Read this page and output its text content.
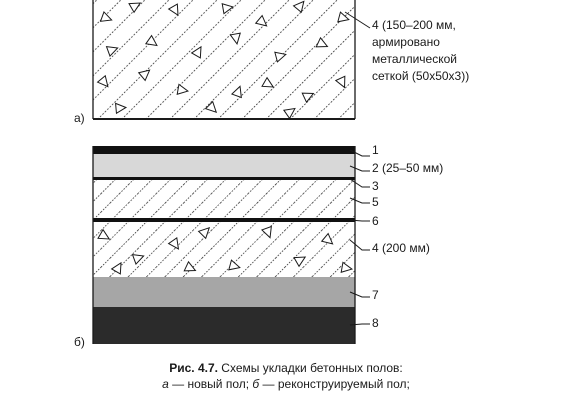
а)
4 (150–200 мм, армировано металлической сеткой (50х50х3))
б)
1
2 (25–50 мм)
3
5
6
4 (200 мм)
7
8
Рис. 4.7. Схемы укладки бетонных полов:
а — новый пол; б — реконструируемый пол;
